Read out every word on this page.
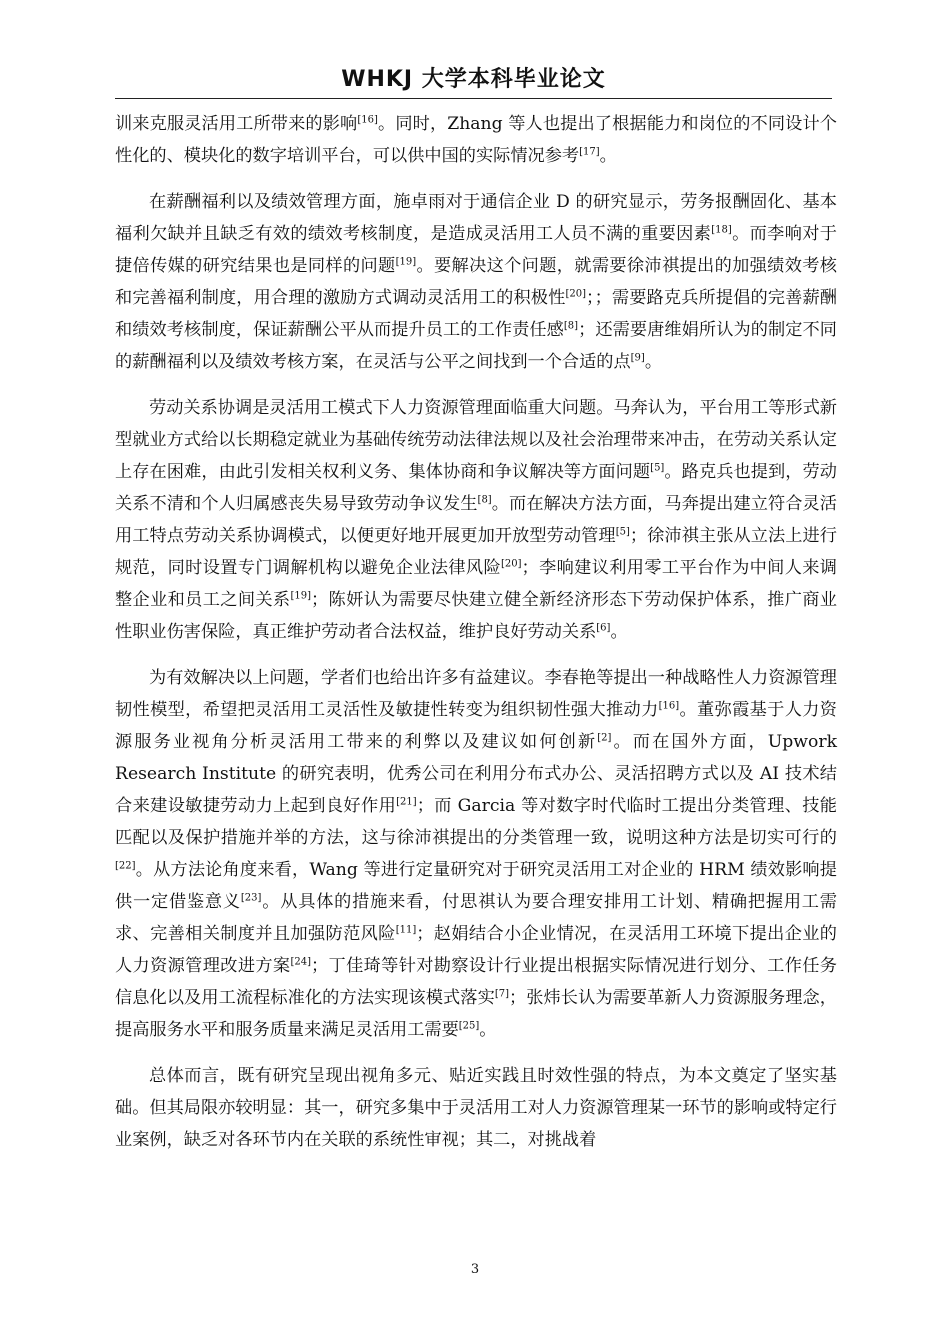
WHKJ 大学本科毕业论文

训来克服灵活用工所带来的影响[16]。同时，Zhang 等人也提出了根据能力和岗位的不同设计个性化的、模块化的数字培训平台，可以供中国的实际情况参考[17]。

在薪酬福利以及绩效管理方面，施卓雨对于通信企业 D 的研究显示，劳务报酬固化、基本福利欠缺并且缺乏有效的绩效考核制度，是造成灵活用工人员不满的重要因素[18]。而李响对于捷倍传媒的研究结果也是同样的问题[19]。要解决这个问题，就需要徐沛祺提出的加强绩效考核和完善福利制度，用合理的激励方式调动灵活用工的积极性[20]；；需要路克兵所提倡的完善薪酬和绩效考核制度，保证薪酬公平从而提升员工的工作责任感[8]；还需要唐维娟所认为的制定不同的薪酬福利以及绩效考核方案，在灵活与公平之间找到一个合适的点[9]。

劳动关系协调是灵活用工模式下人力资源管理面临重大问题。马奔认为，平台用工等形式新型就业方式给以长期稳定就业为基础传统劳动法律法规以及社会治理带来冲击，在劳动关系认定上存在困难，由此引发相关权利义务、集体协商和争议解决等方面问题[5]。路克兵也提到，劳动关系不清和个人归属感丧失易导致劳动争议发生[8]。而在解决方法方面，马奔提出建立符合灵活用工特点劳动关系协调模式，以便更好地开展更加开放型劳动管理[5]；徐沛祺主张从立法上进行规范，同时设置专门调解机构以避免企业法律风险[20]；李响建议利用零工平台作为中间人来调整企业和员工之间关系[19]；陈妍认为需要尽快建立健全新经济形态下劳动保护体系，推广商业性职业伤害保险，真正维护劳动者合法权益，维护良好劳动关系[6]。

为有效解决以上问题，学者们也给出许多有益建议。李春艳等提出一种战略性人力资源管理韧性模型，希望把灵活用工灵活性及敏捷性转变为组织韧性强大推动力[16]。董弥霞基于人力资源服务业视角分析灵活用工带来的利弊以及建议如何创新[2]。而在国外方面，Upwork Research Institute 的研究表明，优秀公司在利用分布式办公、灵活招聘方式以及 AI 技术结合来建设敏捷劳动力上起到良好作用[21]；而 Garcia 等对数字时代临时工提出分类管理、技能匹配以及保护措施并举的方法，这与徐沛祺提出的分类管理一致，说明这种方法是切实可行的[22]。从方法论角度来看，Wang 等进行定量研究对于研究灵活用工对企业的 HRM 绩效影响提供一定借鉴意义[23]。从具体的措施来看，付思祺认为要合理安排用工计划、精确把握用工需求、完善相关制度并且加强防范风险[11]；赵娟结合小企业情况，在灵活用工环境下提出企业的人力资源管理改进方案[24]；丁佳琦等针对勘察设计行业提出根据实际情况进行划分、工作任务信息化以及用工流程标准化的方法实现该模式落实[7]；张炜长认为需要革新人力资源服务理念，提高服务水平和服务质量来满足灵活用工需要[25]。

总体而言，既有研究呈现出视角多元、贴近实践且时效性强的特点，为本文奠定了坚实基础。但其局限亦较明显：其一，研究多集中于灵活用工对人力资源管理某一环节的影响或特定行业案例，缺乏对各环节内在关联的系统性审视；其二，对挑战着

3
